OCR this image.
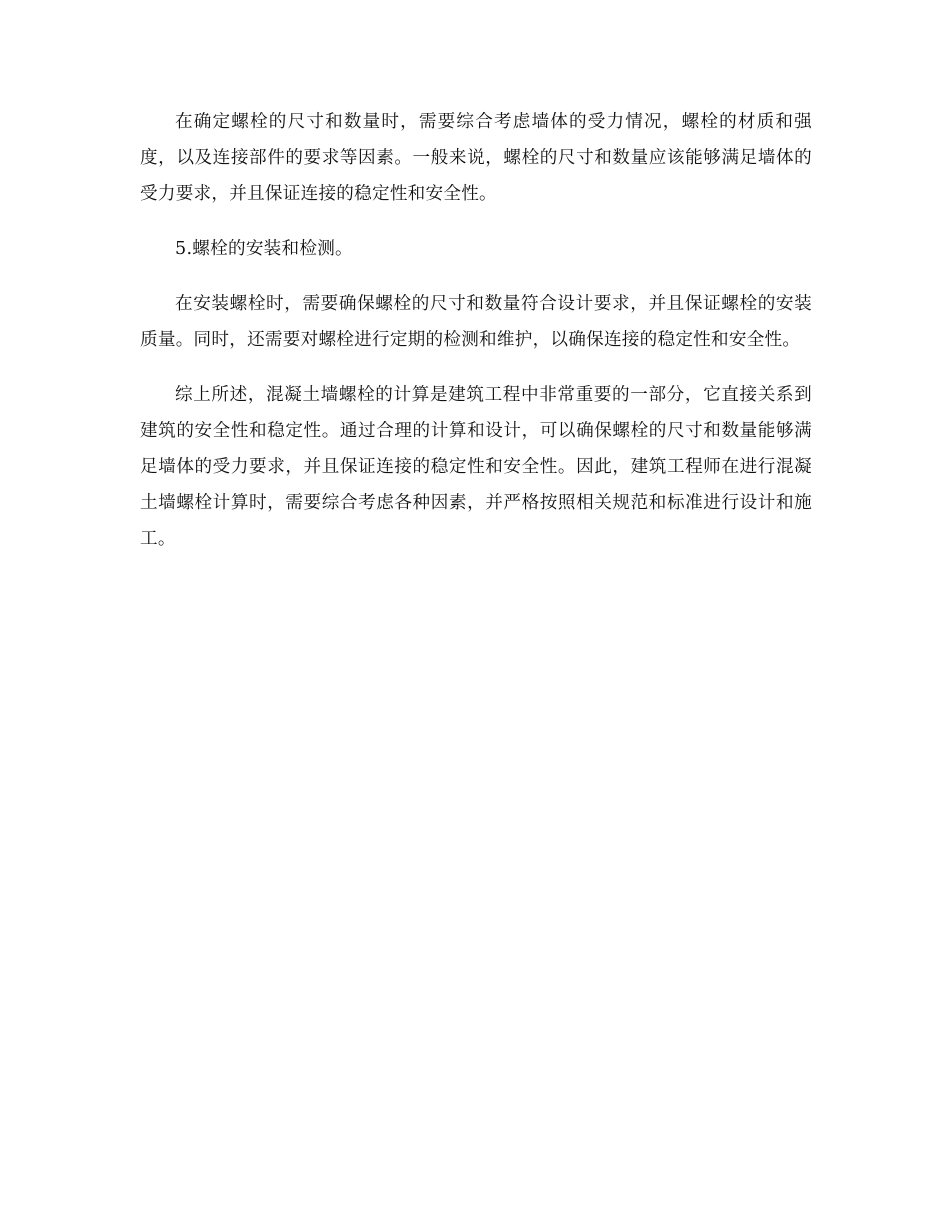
在确定螺栓的尺寸和数量时，需要综合考虑墙体的受力情况，螺栓的材质和强度，以及连接部件的要求等因素。一般来说，螺栓的尺寸和数量应该能够满足墙体的受力要求，并且保证连接的稳定性和安全性。

5.螺栓的安装和检测。

在安装螺栓时，需要确保螺栓的尺寸和数量符合设计要求，并且保证螺栓的安装质量。同时，还需要对螺栓进行定期的检测和维护，以确保连接的稳定性和安全性。

综上所述，混凝土墙螺栓的计算是建筑工程中非常重要的一部分，它直接关系到建筑的安全性和稳定性。通过合理的计算和设计，可以确保螺栓的尺寸和数量能够满足墙体的受力要求，并且保证连接的稳定性和安全性。因此，建筑工程师在进行混凝土墙螺栓计算时，需要综合考虑各种因素，并严格按照相关规范和标准进行设计和施工。
